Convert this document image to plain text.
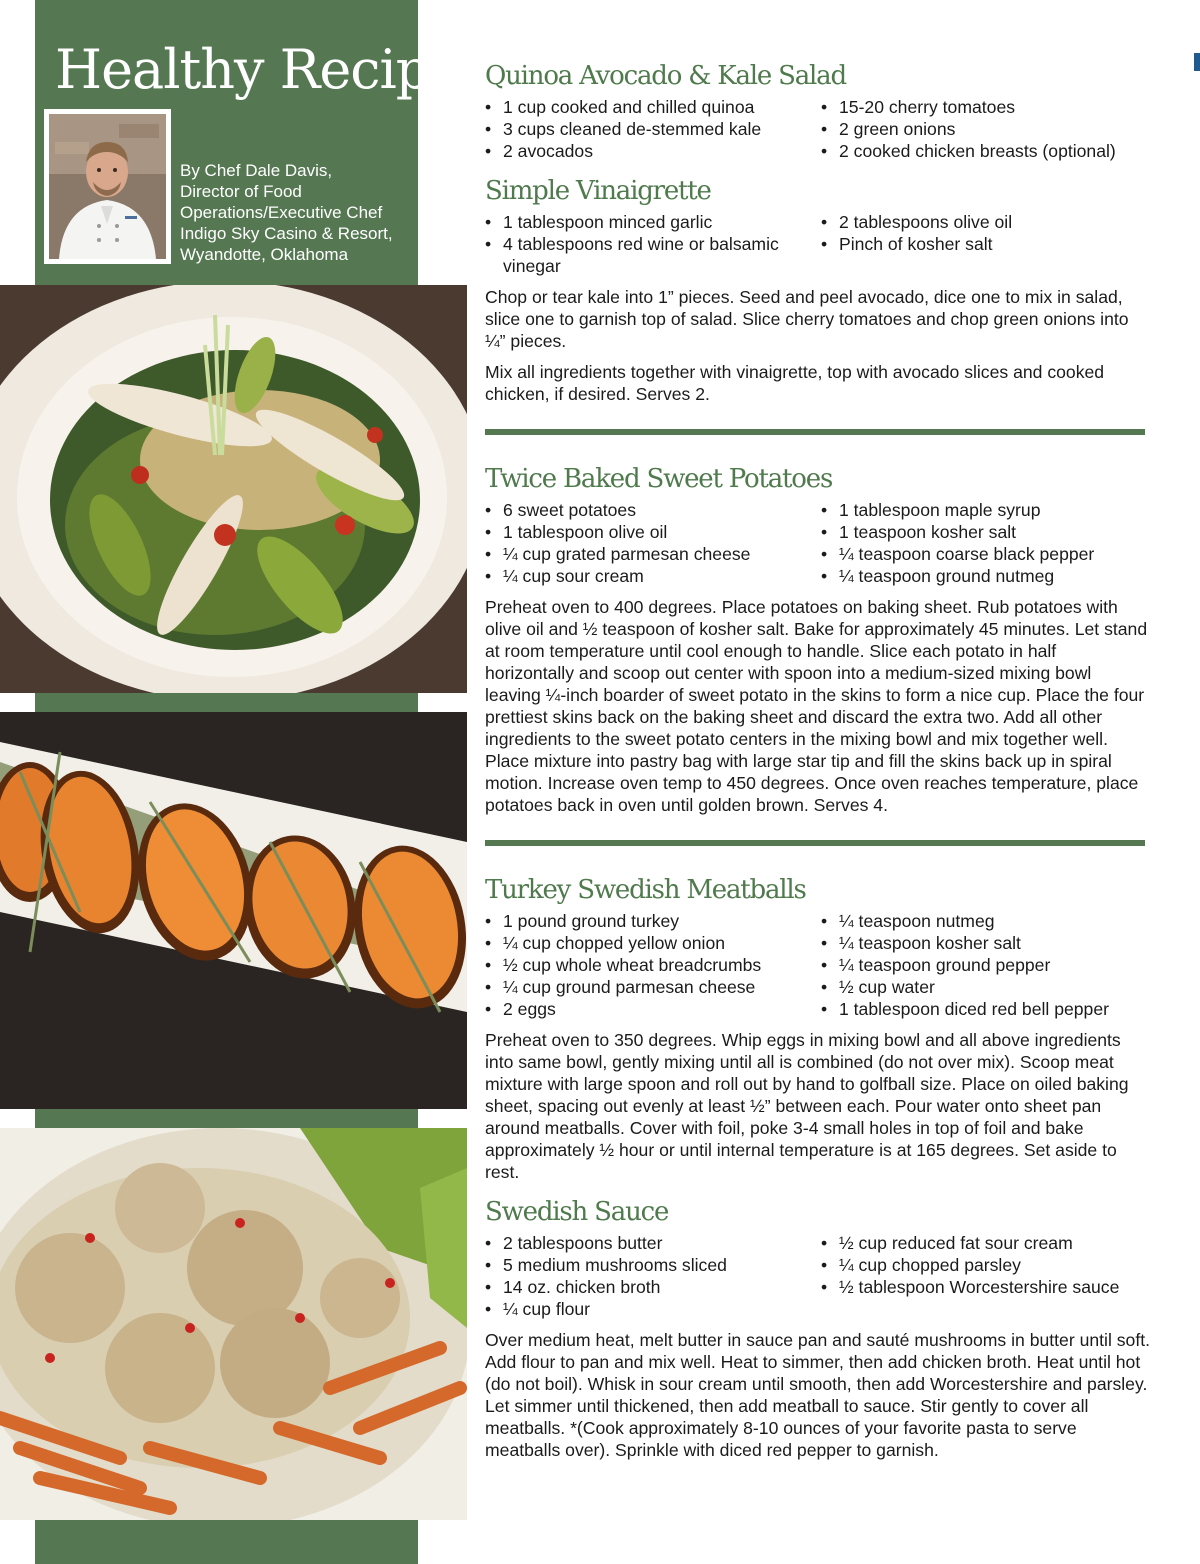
Healthy Recipes
By Chef Dale Davis,
Director of Food
Operations/Executive Chef
Indigo Sky Casino & Resort,
Wyandotte, Oklahoma
Quinoa Avocado & Kale Salad
• 1 cup cooked and chilled quinoa
• 3 cups cleaned de-stemmed kale
• 2 avocados
• 15-20 cherry tomatoes
• 2 green onions
• 2 cooked chicken breasts (optional)
Simple Vinaigrette
• 1 tablespoon minced garlic
• 4 tablespoons red wine or balsamic vinegar
• 2 tablespoons olive oil
• Pinch of kosher salt

Chop or tear kale into 1” pieces. Seed and peel avocado, dice one to mix in salad, slice one to garnish top of salad. Slice cherry tomatoes and chop green onions into ¼” pieces.

Mix all ingredients together with vinaigrette, top with avocado slices and cooked chicken, if desired. Serves 2.

Twice Baked Sweet Potatoes
• 6 sweet potatoes
• 1 tablespoon olive oil
• ¼ cup grated parmesan cheese
• ¼ cup sour cream
• 1 tablespoon maple syrup
• 1 teaspoon kosher salt
• ¼ teaspoon coarse black pepper
• ¼ teaspoon ground nutmeg

Preheat oven to 400 degrees. Place potatoes on baking sheet. Rub potatoes with olive oil and ½ teaspoon of kosher salt. Bake for approximately 45 minutes. Let stand at room temperature until cool enough to handle. Slice each potato in half horizontally and scoop out center with spoon into a medium-sized mixing bowl leaving ¼-inch boarder of sweet potato in the skins to form a nice cup. Place the four prettiest skins back on the baking sheet and discard the extra two. Add all other ingredients to the sweet potato centers in the mixing bowl and mix together well. Place mixture into pastry bag with large star tip and fill the skins back up in spiral motion. Increase oven temp to 450 degrees. Once oven reaches temperature, place potatoes back in oven until golden brown. Serves 4.

Turkey Swedish Meatballs
• 1 pound ground turkey
• ¼ cup chopped yellow onion
• ½ cup whole wheat breadcrumbs
• ¼ cup ground parmesan cheese
• 2 eggs
• ¼ teaspoon nutmeg
• ¼ teaspoon kosher salt
• ¼ teaspoon ground pepper
• ½ cup water
• 1 tablespoon diced red bell pepper

Preheat oven to 350 degrees. Whip eggs in mixing bowl and all above ingredients into same bowl, gently mixing until all is combined (do not over mix). Scoop meat mixture with large spoon and roll out by hand to golfball size. Place on oiled baking sheet, spacing out evenly at least ½” between each. Pour water onto sheet pan around meatballs. Cover with foil, poke 3-4 small holes in top of foil and bake approximately ½ hour or until internal temperature is at 165 degrees. Set aside to rest.

Swedish Sauce
• 2 tablespoons butter
• 5 medium mushrooms sliced
• 14 oz. chicken broth
• ¼ cup flour
• ½ cup reduced fat sour cream
• ¼ cup chopped parsley
• ½ tablespoon Worcestershire sauce

Over medium heat, melt butter in sauce pan and sauté mushrooms in butter until soft. Add flour to pan and mix well. Heat to simmer, then add chicken broth. Heat until hot (do not boil). Whisk in sour cream until smooth, then add Worcestershire and parsley. Let simmer until thickened, then add meatball to sauce. Stir gently to cover all meatballs. *(Cook approximately 8-10 ounces of your favorite pasta to serve meatballs over). Sprinkle with diced red pepper to garnish.
